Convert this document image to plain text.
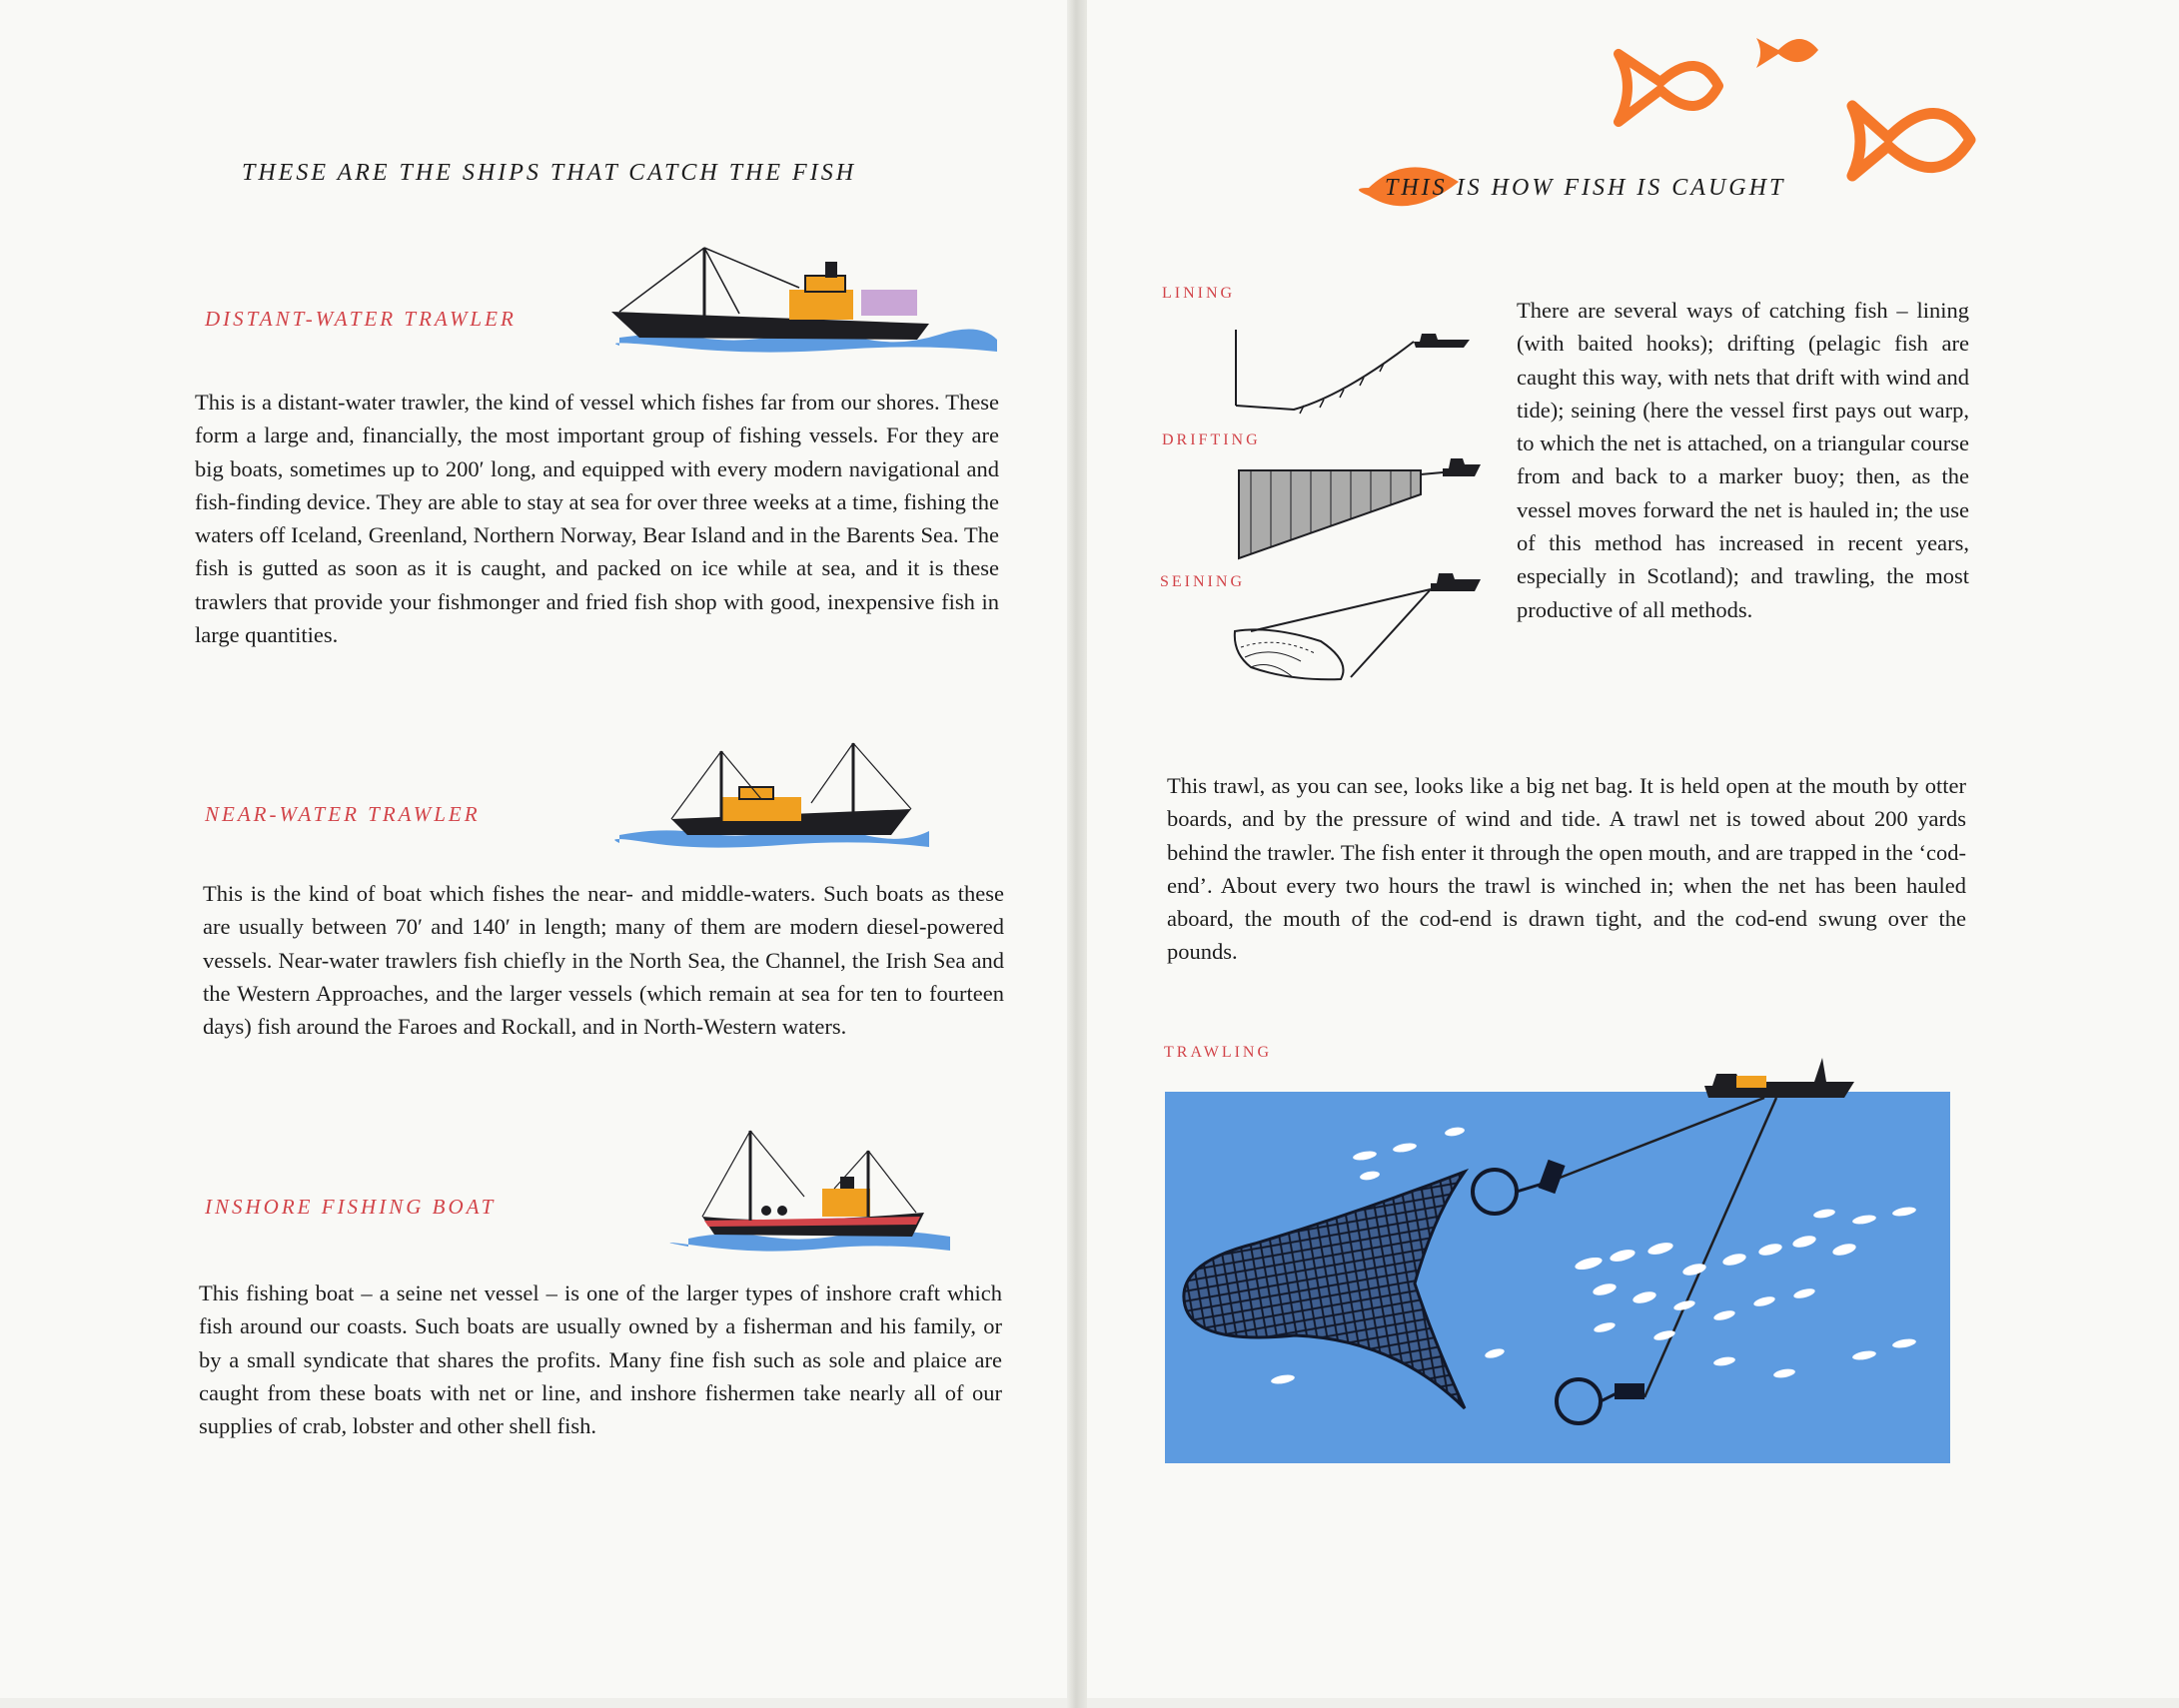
THESE ARE THE SHIPS THAT CATCH THE FISH
DISTANT-WATER TRAWLER

This is a distant-water trawler, the kind of vessel which fishes far from our shores. These form a large and, financially, the most important group of fishing vessels. For they are big boats, sometimes up to 200′ long, and equipped with every modern navigational and fish-finding device. They are able to stay at sea for over three weeks at a time, fishing the waters off Iceland, Greenland, Northern Norway, Bear Island and in the Barents Sea. The fish is gutted as soon as it is caught, and packed on ice while at sea, and it is these trawlers that provide your fishmonger and fried fish shop with good, inexpensive fish in large quantities.

NEAR-WATER TRAWLER

This is the kind of boat which fishes the near- and middle-waters. Such boats as these are usually between 70′ and 140′ in length; many of them are modern diesel-powered vessels. Near-water trawlers fish chiefly in the North Sea, the Channel, the Irish Sea and the Western Approaches, and the larger vessels (which remain at sea for ten to fourteen days) fish around the Faroes and Rockall, and in North-Western waters.

INSHORE FISHING BOAT

This fishing boat – a seine net vessel – is one of the larger types of inshore craft which fish around our coasts. Such boats are usually owned by a fisherman and his family, or by a small syndicate that shares the profits. Many fine fish such as sole and plaice are caught from these boats with net or line, and inshore fishermen take nearly all of our supplies of crab, lobster and other shell fish.

THIS IS HOW FISH IS CAUGHT
LINING
DRIFTING
SEINING

There are several ways of catching fish – lining (with baited hooks); drifting (pelagic fish are caught this way, with nets that drift with wind and tide); seining (here the vessel first pays out warp, to which the net is attached, on a triangular course from and back to a marker buoy; then, as the vessel moves forward the net is hauled in; the use of this method has increased in recent years, especially in Scotland); and trawling, the most productive of all methods.

This trawl, as you can see, looks like a big net bag. It is held open at the mouth by otter boards, and by the pressure of wind and tide. A trawl net is towed about 200 yards behind the trawler. The fish enter it through the open mouth, and are trapped in the ‘cod-end’. About every two hours the trawl is winched in; when the net has been hauled aboard, the mouth of the cod-end is drawn tight, and the cod-end swung over the pounds.

TRAWLING
